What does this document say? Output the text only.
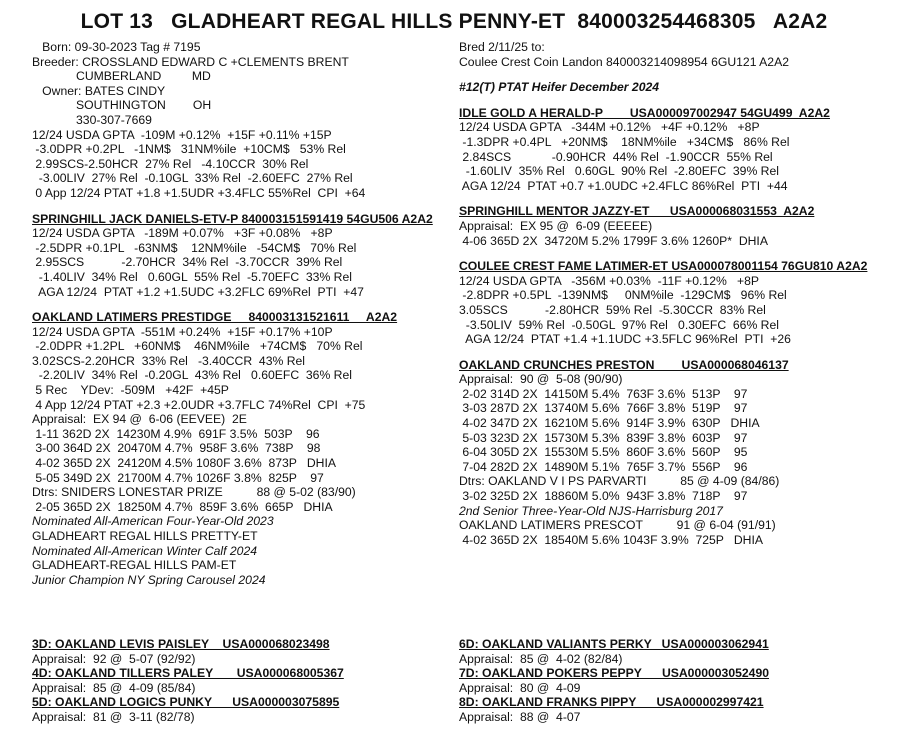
LOT 13   GLADHEART REGAL HILLS PENNY-ET  840003254468305   A2A2
Born: 09-30-2023 Tag # 7195
Breeder: CROSSLAND EDWARD C +CLEMENTS BRENT
CUMBERLAND         MD
Owner: BATES CINDY
SOUTHINGTON        OH
330-307-7669
12/24 USDA GPTA  -109M +0.12%  +15F +0.11% +15P
-3.0DPR +0.2PL   -1NM$   31NM%ile  +10CM$   53% Rel
2.99SCS-2.50HCR  27% Rel   -4.10CCR  30% Rel
-3.00LIV  27% Rel  -0.10GL  33% Rel  -2.60EFC  27% Rel
0 App 12/24 PTAT +1.8 +1.5UDR +3.4FLC 55%Rel  CPI  +64
SPRINGHILL JACK DANIELS-ETV-P 840003151591419 54GU506 A2A2
12/24 USDA GPTA   -189M +0.07%   +3F +0.08%   +8P
-2.5DPR +0.1PL   -63NM$    12NM%ile   -54CM$   70% Rel
2.95SCS           -2.70HCR  34% Rel  -3.70CCR  39% Rel
-1.40LIV  34% Rel   0.60GL  55% Rel  -5.70EFC  33% Rel
AGA 12/24  PTAT +1.2 +1.5UDC +3.2FLC 69%Rel  PTI  +47
OAKLAND LATIMERS PRESTIDGE     840003131521611     A2A2
12/24 USDA GPTA  -551M +0.24%  +15F +0.17% +10P
-2.0DPR +1.2PL   +60NM$    46NM%ile   +74CM$   70% Rel
3.02SCS-2.20HCR  33% Rel   -3.40CCR  43% Rel
-2.20LIV  34% Rel  -0.20GL  43% Rel   0.60EFC  36% Rel
5 Rec    YDev:  -509M   +42F  +45P
4 App 12/24 PTAT +2.3 +2.0UDR +3.7FLC 74%Rel  CPI  +75
Appraisal:  EX 94 @  6-06 (EEVEE)  2E
1-11 362D 2X  14230M 4.9%  691F 3.5%  503P    96
3-00 364D 2X  20470M 4.7%  958F 3.6%  738P    98
4-02 365D 2X  24120M 4.5% 1080F 3.6%  873P   DHIA
5-05 349D 2X  21700M 4.7% 1026F 3.8%  825P    97
Dtrs: SNIDERS LONESTAR PRIZE          88 @ 5-02 (83/90)
2-05 365D 2X  18250M 4.7%  859F 3.6%  665P   DHIA
Nominated All-American Four-Year-Old 2023
GLADHEART REGAL HILLS PRETTY-ET
Nominated All-American Winter Calf 2024
GLADHEART-REGAL HILLS PAM-ET
Junior Champion NY Spring Carousel 2024
Bred 2/11/25 to:
Coulee Crest Coin Landon 840003214098954 6GU121 A2A2
#12(T) PTAT Heifer December 2024
IDLE GOLD A HERALD-P        USA000097002947 54GU499  A2A2
12/24 USDA GPTA   -344M +0.12%   +4F +0.12%   +8P
-1.3DPR +0.4PL   +20NM$    18NM%ile   +34CM$   86% Rel
2.84SCS            -0.90HCR  44% Rel  -1.90CCR  55% Rel
-1.60LIV  35% Rel   0.60GL  90% Rel  -2.80EFC  39% Rel
AGA 12/24  PTAT +0.7 +1.0UDC +2.4FLC 86%Rel  PTI  +44
SPRINGHILL MENTOR JAZZY-ET      USA000068031553  A2A2
Appraisal:  EX 95 @  6-09 (EEEEE)
4-06 365D 2X  34720M 5.2% 1799F 3.6% 1260P*  DHIA
COULEE CREST FAME LATIMER-ET USA000078001154 76GU810 A2A2
12/24 USDA GPTA   -356M +0.03%  -11F +0.12%   +8P
-2.8DPR +0.5PL  -139NM$     0NM%ile  -129CM$   96% Rel
3.05SCS           -2.80HCR  59% Rel  -5.30CCR  83% Rel
-3.50LIV  59% Rel  -0.50GL  97% Rel   0.30EFC  66% Rel
AGA 12/24  PTAT +1.4 +1.1UDC +3.5FLC 96%Rel  PTI  +26
OAKLAND CRUNCHES PRESTON        USA000068046137
Appraisal:  90 @  5-08 (90/90)
2-02 314D 2X  14150M 5.4%  763F 3.6%  513P    97
3-03 287D 2X  13740M 5.6%  766F 3.8%  519P    97
4-02 347D 2X  16210M 5.6%  914F 3.9%  630P   DHIA
5-03 323D 2X  15730M 5.3%  839F 3.8%  603P    97
6-04 305D 2X  15530M 5.5%  860F 3.6%  560P    95
7-04 282D 2X  14890M 5.1%  765F 3.7%  556P    96
Dtrs: OAKLAND V I PS PARVARTI          85 @ 4-09 (84/86)
3-02 325D 2X  18860M 5.0%  943F 3.8%  718P    97
2nd Senior Three-Year-Old NJS-Harrisburg 2017
OAKLAND LATIMERS PRESCOT          91 @ 6-04 (91/91)
4-02 365D 2X  18540M 5.6% 1043F 3.9%  725P   DHIA
3D: OAKLAND LEVIS PAISLEY    USA000068023498
Appraisal:  92 @  5-07 (92/92)
4D: OAKLAND TILLERS PALEY       USA000068005367
Appraisal:  85 @  4-09 (85/84)
5D: OAKLAND LOGICS PUNKY      USA000003075895
Appraisal:  81 @  3-11 (82/78)
6D: OAKLAND VALIANTS PERKY   USA000003062941
Appraisal:  85 @  4-02 (82/84)
7D: OAKLAND POKERS PEPPY      USA000003052490
Appraisal:  80 @  4-09
8D: OAKLAND FRANKS PIPPY      USA000002997421
Appraisal:  88 @  4-07
